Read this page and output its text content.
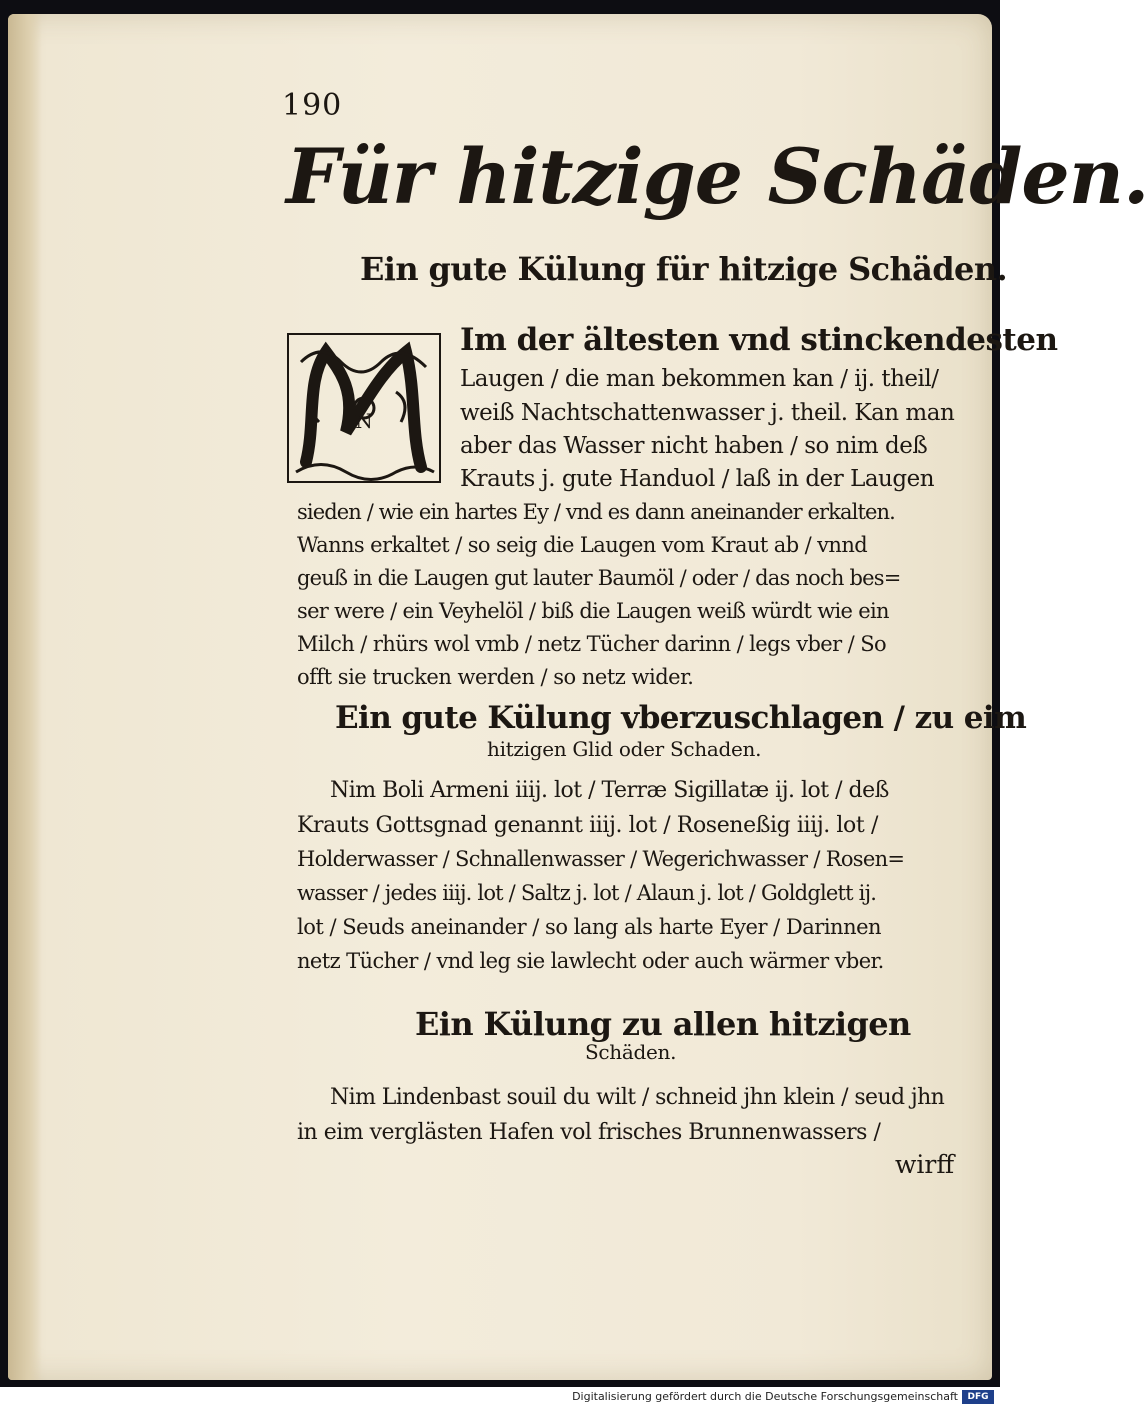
190
Für hitzige Schäden.
Ein gute Külung für hitzige Schäden.
N
Im der ältesten vnd stinckendesten
Laugen / die man bekommen kan / ij. theil/
weiß Nachtschattenwasser j. theil. Kan man
aber das Wasser nicht haben / so nim deß
Krauts j. gute Handuol / laß in der Laugen
sieden / wie ein hartes Ey / vnd es dann aneinander erkalten.
Wanns erkaltet / so seig die Laugen vom Kraut ab / vnnd
geuß in die Laugen gut lauter Baumöl / oder / das noch bes=
ser were / ein Veyhelöl / biß die Laugen weiß würdt wie ein
Milch / rhürs wol vmb / netz Tücher darinn / legs vber / So
offt sie trucken werden / so netz wider.
Ein gute Külung vberzuschlagen / zu eim
hitzigen Glid oder Schaden.
Nim Boli Armeni iiij. lot / Terræ Sigillatæ ij. lot / deß
Krauts Gottsgnad genannt iiij. lot / Roseneßig iiij. lot /
Holderwasser / Schnallenwasser / Wegerichwasser / Rosen=
wasser / jedes iiij. lot / Saltz j. lot / Alaun j. lot / Goldglett ij.
lot / Seuds aneinander / so lang als harte Eyer / Darinnen
netz Tücher / vnd leg sie lawlecht oder auch wärmer vber.
Ein Külung zu allen hitzigen
Schäden.
Nim Lindenbast souil du wilt / schneid jhn klein / seud jhn
in eim verglästen Hafen vol frisches Brunnenwassers /
wirff
Digitalisierung gefördert durch die Deutsche Forschungsgemeinschaft	DFG
